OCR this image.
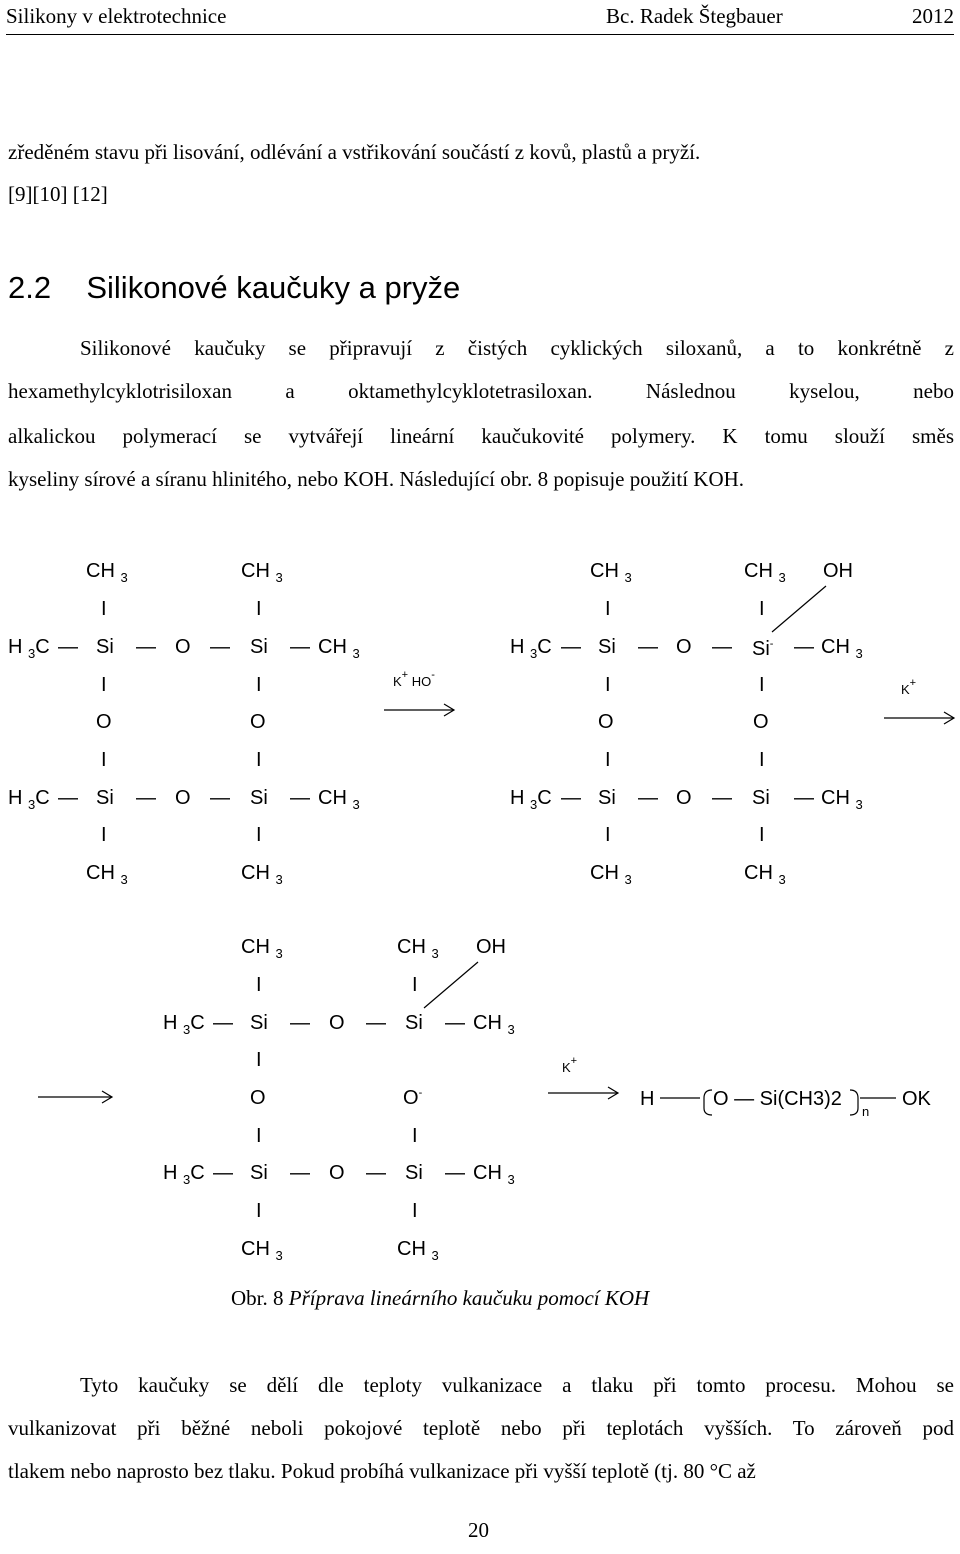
Silikony v elektrotechnice	Bc. Radek Štegbauer	2012
zředěném stavu při lisování, odlévání a vstřikování součástí z kovů, plastů a pryží.
[9][10] [12]
2.2 Silikonové kaučuky a pryže
Silikonové kaučuky se připravují z čistých cyklických siloxanů, a to konkrétně z
hexamethylcyklotrisiloxan a oktamethylcyklotetrasiloxan. Následnou kyselou, nebo
alkalickou polymerací se vytvářejí lineární kaučukovité polymery. K tomu slouží směs
kyseliny sírové a síranu hlinitého, nebo KOH. Následující obr. 8 popisuje použití KOH.
CH $_3$	CH $_3$
I	I
H $_3$C — Si — O — Si — CH $_3$
I	I
O	O
I	I
H $_3$C — Si — O — Si — CH $_3$
I	I
CH $_3$	CH $_3$
K+ HO-
CH $_3$	CH $_3$ OH
I	I
H $_3$C — Si — O — Si- — CH $_3$
I	I
O	O
I	I
H $_3$C — Si — O — Si — CH $_3$
I	I
CH $_3$	CH $_3$
K+
CH $_3$	CH $_3$ OH
I	I
H $_3$C — Si — O — Si — CH $_3$
I
O	O-
I	I
H $_3$C — Si — O — Si — CH $_3$
I	I
CH $_3$	CH $_3$
K+
→ H	O — Si(CH3)2
n
OK
Obr. 8 Příprava lineárního kaučuku pomocí KOH
Tyto kaučuky se dělí dle teploty vulkanizace a tlaku při tomto procesu. Mohou se
vulkanizovat při běžné neboli pokojové teplotě nebo při teplotách vyšších. To zároveň pod
tlakem nebo naprosto bez tlaku. Pokud probíhá vulkanizace při vyšší teplotě (tj. 80 °C až
20
